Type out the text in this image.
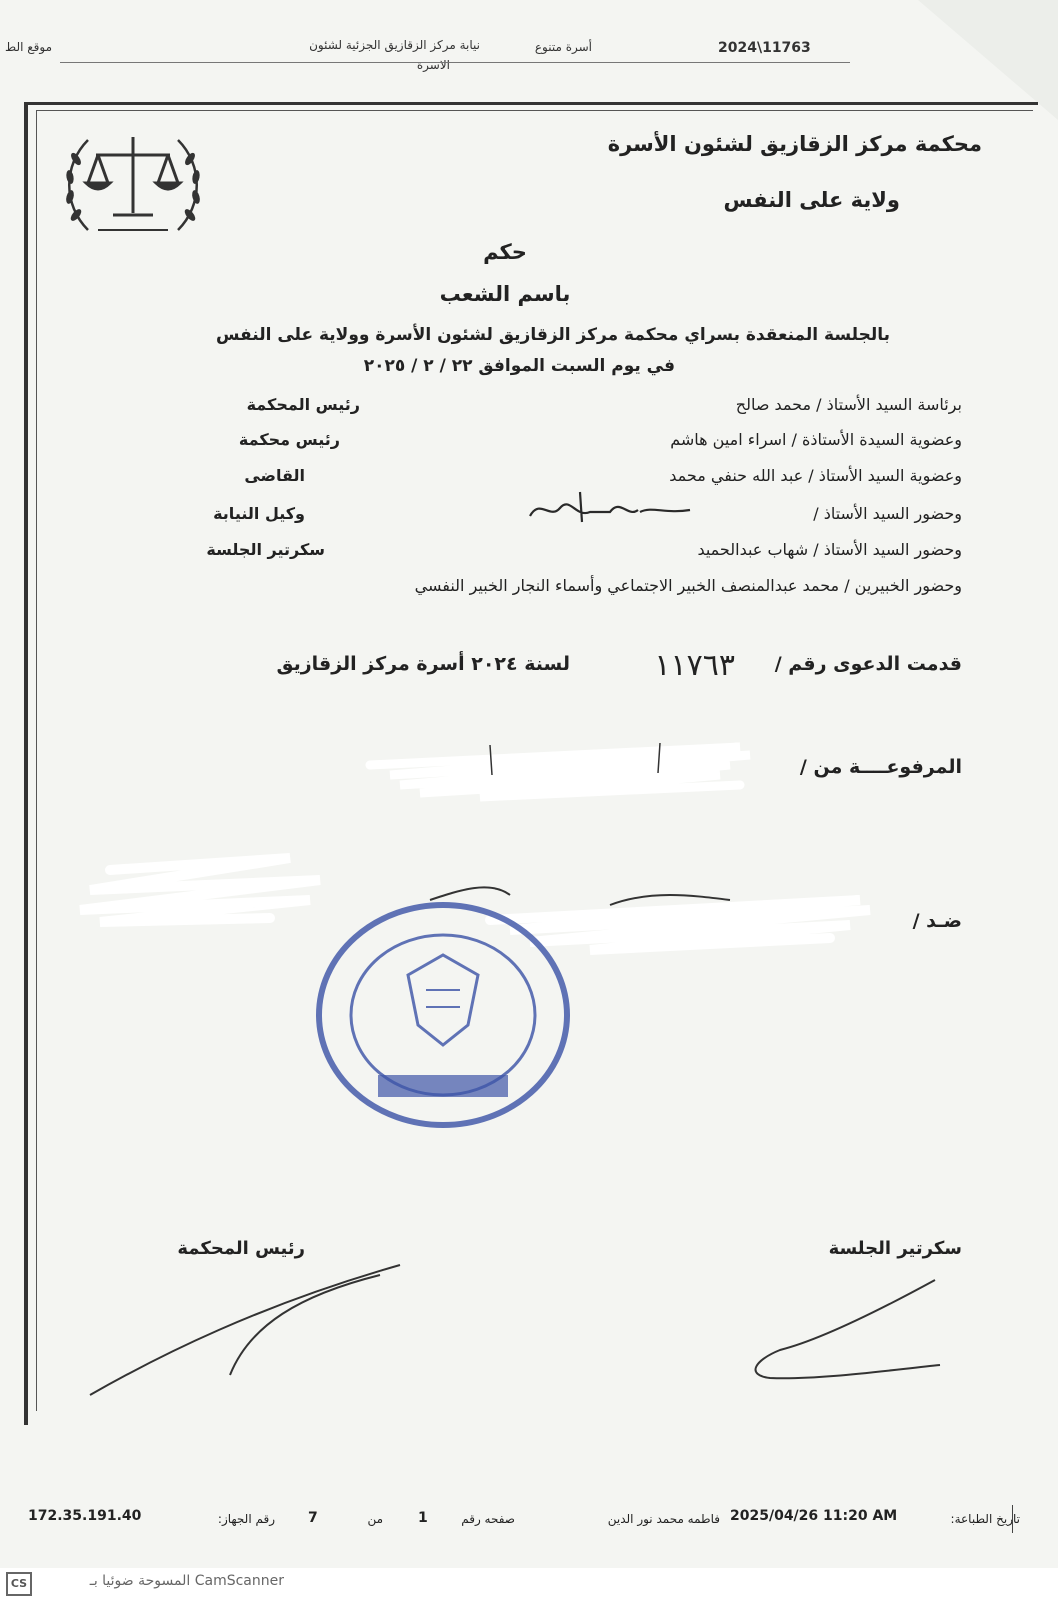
2024\11763
أسرة متنوع
نيابة مركز الزقازيق الجزئية لشئون
الاسرة
موقع الط
محكمة مركز الزقازيق لشئون الأسرة
ولاية على النفس
حكم
باسم الشعب
بالجلسة المنعقدة بسراي محكمة مركز الزقازيق لشئون الأسرة وولاية على النفس
في يوم السبت الموافق ٢٢ / ٢ / ٢٠٢٥
برئاسة السيد الأستاذ / محمد صالح
رئيس المحكمة
وعضوية السيدة الأستاذة / اسراء امين هاشم
رئيس محكمة
وعضوية السيد الأستاذ / عبد الله حنفي محمد
القاضى
وحضور السيد الأستاذ /
وكيل النيابة
وحضور السيد الأستاذ / شهاب عبدالحميد
سكرتير الجلسة
وحضور الخبيرين / محمد عبدالمنصف الخبير الاجتماعي وأسماء النجار الخبير النفسي
قدمت الدعوى رقم /
١١٧٦٣
لسنة ٢٠٢٤ أسرة مركز الزقازيق
المرفوعــــة من /
ضـد /
سكرتير الجلسة
رئيس المحكمة
تاريخ الطباعة:
2025/04/26 11:20 AM
فاطمه محمد نور الدين
صفحه رقم
1
من
7
رقم الجهاز:
172.35.191.40
CS	CamScanner المسوحة ضوئيا بـ
